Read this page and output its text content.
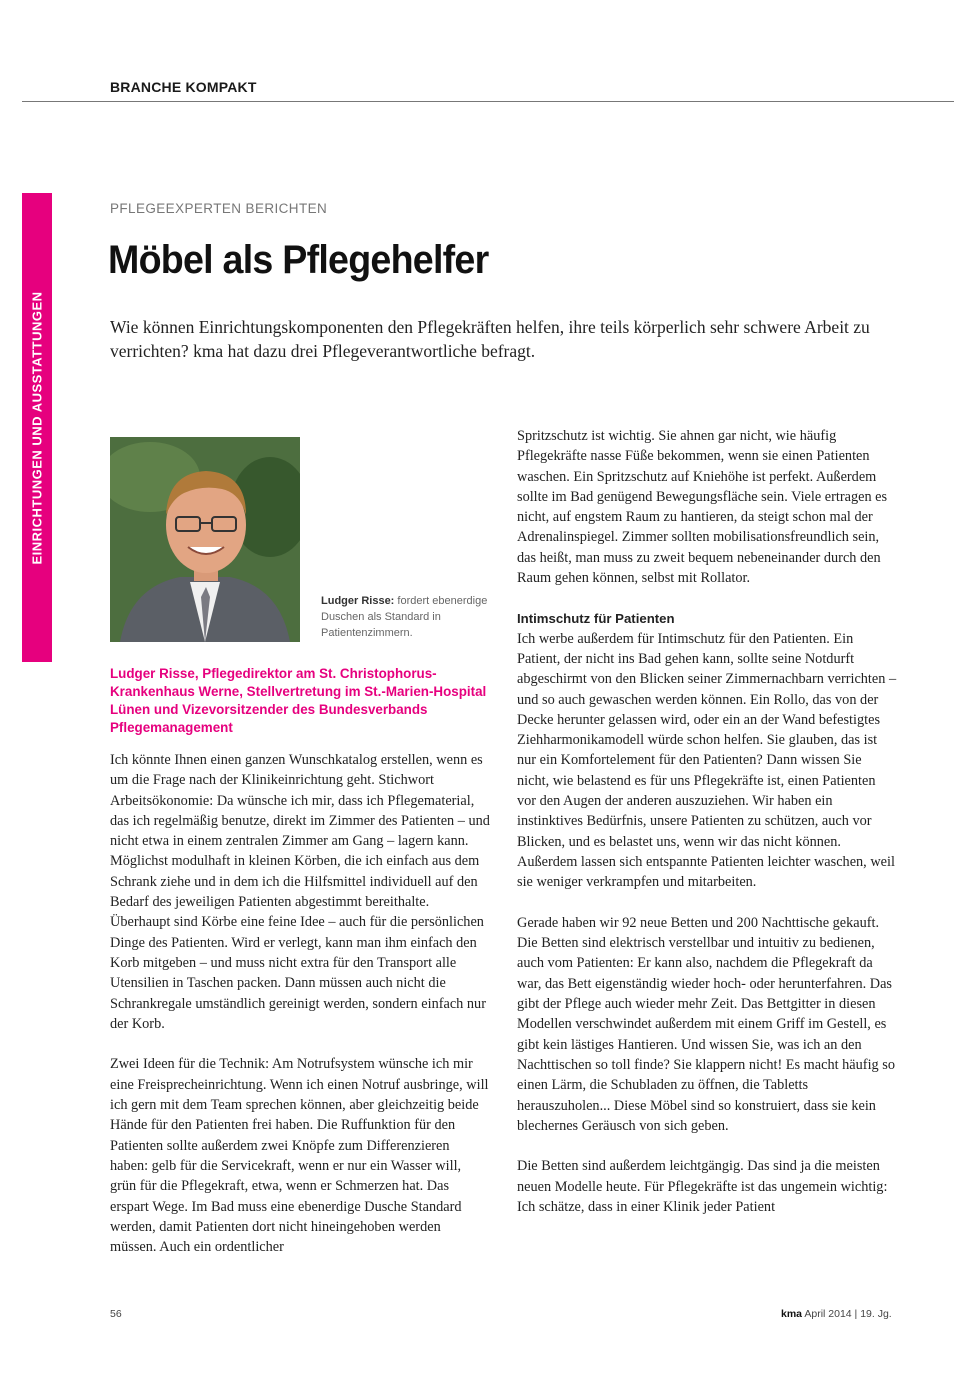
BRANCHE KOMPAKT
EINRICHTUNGEN UND AUSSTATTUNGEN
PFLEGEEXPERTEN BERICHTEN
Möbel als Pflegehelfer
Wie können Einrichtungskomponenten den Pflegekräften helfen, ihre teils körperlich sehr schwere Arbeit zu verrichten? kma hat dazu drei Pflegeverantwortliche befragt.
Ludger Risse: fordert ebenerdige Duschen als Standard in Patientenzimmern.
Ludger Risse, Pflegedirektor am St. Christophorus-Krankenhaus Werne, Stellvertretung im St.-Marien-Hospital Lünen und Vizevorsitzender des Bundesverbands Pflegemanagement

Ich könnte Ihnen einen ganzen Wunschkatalog erstellen, wenn es um die Frage nach der Klinikeinrichtung geht. Stichwort Arbeitsökonomie: Da wünsche ich mir, dass ich Pflegematerial, das ich regelmäßig benutze, direkt im Zimmer des Patienten – und nicht etwa in einem zentralen Zimmer am Gang – lagern kann. Möglichst modulhaft in kleinen Körben, die ich einfach aus dem Schrank ziehe und in dem ich die Hilfsmittel individuell auf den Bedarf des jeweiligen Patienten abgestimmt bereithalte. Überhaupt sind Körbe eine feine Idee – auch für die persönlichen Dinge des Patienten. Wird er verlegt, kann man ihm einfach den Korb mitgeben – und muss nicht extra für den Transport alle Utensilien in Taschen packen. Dann müssen auch nicht die Schrankregale umständlich gereinigt werden, sondern einfach nur der Korb.

Zwei Ideen für die Technik: Am Notrufsystem wünsche ich mir eine Freisprecheinrichtung. Wenn ich einen Notruf ausbringe, will ich gern mit dem Team sprechen können, aber gleichzeitig beide Hände für den Patienten frei haben. Die Ruffunktion für den Patienten sollte außerdem zwei Knöpfe zum Differenzieren haben: gelb für die Servicekraft, wenn er nur ein Wasser will, grün für die Pflegekraft, etwa, wenn er Schmerzen hat. Das erspart Wege. Im Bad muss eine ebenerdige Dusche Standard werden, damit Patienten dort nicht hineingehoben werden müssen. Auch ein ordentlicher

Spritzschutz ist wichtig. Sie ahnen gar nicht, wie häufig Pflegekräfte nasse Füße bekommen, wenn sie einen Patienten waschen. Ein Spritzschutz auf Kniehöhe ist perfekt. Außerdem sollte im Bad genügend Bewegungsfläche sein. Viele ertragen es nicht, auf engstem Raum zu hantieren, da steigt schon mal der Adrenalinspiegel. Zimmer sollten mobilisationsfreundlich sein, das heißt, man muss zu zweit bequem nebeneinander durch den Raum gehen können, selbst mit Rollator.

Intimschutz für Patienten

Ich werbe außerdem für Intimschutz für den Patienten. Ein Patient, der nicht ins Bad gehen kann, sollte seine Notdurft abgeschirmt von den Blicken seiner Zimmernachbarn verrichten – und so auch gewaschen werden können. Ein Rollo, das von der Decke herunter gelassen wird, oder ein an der Wand befestigtes Ziehharmonikamodell würde schon helfen. Sie glauben, das ist nur ein Komfortelement für den Patienten? Dann wissen Sie nicht, wie belastend es für uns Pflegekräfte ist, einen Patienten vor den Augen der anderen auszuziehen. Wir haben ein instinktives Bedürfnis, unsere Patienten zu schützen, auch vor Blicken, und es belastet uns, wenn wir das nicht können. Außerdem lassen sich entspannte Patienten leichter waschen, weil sie weniger verkrampfen und mitarbeiten.

Gerade haben wir 92 neue Betten und 200 Nachttische gekauft. Die Betten sind elektrisch verstellbar und intuitiv zu bedienen, auch vom Patienten: Er kann also, nachdem die Pflegekraft da war, das Bett eigenständig wieder hoch- oder herunterfahren. Das gibt der Pflege auch wieder mehr Zeit. Das Bettgitter in diesen Modellen verschwindet außerdem mit einem Griff im Gestell, es gibt kein lästiges Hantieren. Und wissen Sie, was ich an den Nachttischen so toll finde? Sie klappern nicht! Es macht häufig so einen Lärm, die Schubladen zu öffnen, die Tabletts herauszuholen... Diese Möbel sind so konstruiert, dass sie kein blechernes Geräusch von sich geben.

Die Betten sind außerdem leichtgängig. Das sind ja die meisten neuen Modelle heute. Für Pflegekräfte ist das ungemein wichtig: Ich schätze, dass in einer Klinik jeder Patient

56	kma April 2014 | 19. Jg.
